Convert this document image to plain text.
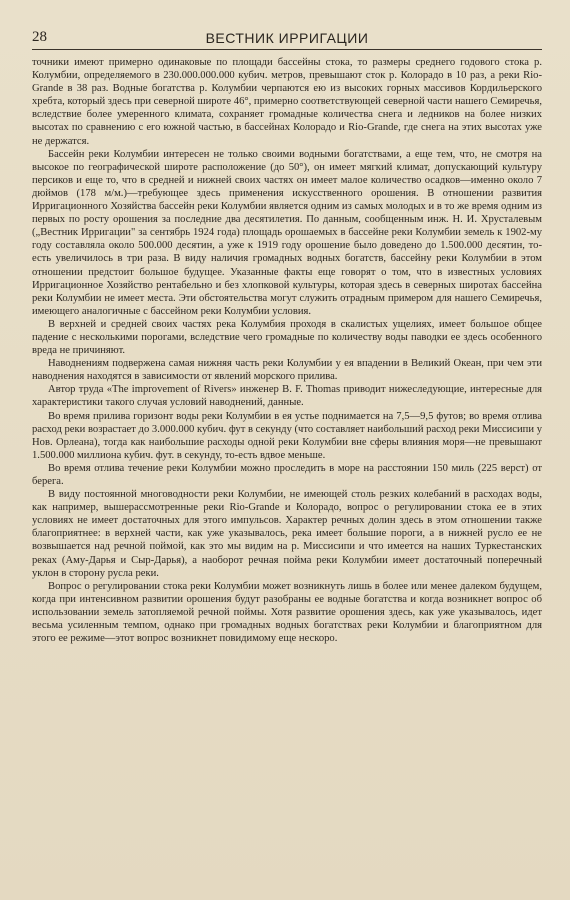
28	ВЕСТНИК ИРРИГАЦИИ

точники имеют примерно одинаковые по площади бассейны стока, то размеры среднего годового стока р. Колумбии, определяемого в 230.000.000.000 кубич. метров, превышают сток р. Колорадо в 10 раз, а реки Rio-Grande в 38 раз. Водные богатства р. Колумбии черпаются ею из высоких горных массивов Кордильерского хребта, который здесь при северной широте 46°, примерно соответствующей северной части нашего Семиречья, вследствие более умеренного климата, сохраняет громадные количества снега и ледников на более низких высотах по сравнению с его южной частью, в бассейнах Колорадо и Rio-Grande, где снега на этих высотах уже не держатся.

Бассейн реки Колумбии интересен не только своими водными богатствами, а еще тем, что, не смотря на высокое по географической широте расположение (до 50°), он имеет мягкий климат, допускающий культуру персиков и еще то, что в средней и нижней своих частях он имеет малое количество осадков—именно около 7 дюймов (178 м/м.)—требующее здесь применения искусственного орошения. В отношении развития Ирригационного Хозяйства бассейн реки Колумбии является одним из самых молодых и в то же время одним из первых по росту орошения за последние два десятилетия. По данным, сообщенным инж. Н. И. Хрусталевым („Вестник Ирригации" за сентябрь 1924 года) площадь орошаемых в бассейне реки Колумбии земель к 1902-му году составляла около 500.000 десятин, а уже к 1919 году орошение было доведено до 1.500.000 десятин, то-есть увеличилось в три раза. В виду наличия громадных водных богатств, бассейну реки Колумбии в этом отношении предстоит большое будущее. Указанные факты еще говорят о том, что в известных условиях Ирригационное Хозяйство рентабельно и без хлопковой культуры, которая здесь в северных широтах бассейна реки Колумбии не имеет места. Эти обстоятельства могут служить отрадным примером для нашего Семиречья, имеющего аналогичные с бассейном реки Колумбии условия.

В верхней и средней своих частях река Колумбия проходя в скалистых ущелиях, имеет большое общее падение с несколькими порогами, вследствие чего громадные по количеству воды паводки ее здесь особенного вреда не причиняют.

Наводнениям подвержена самая нижняя часть реки Колумбии у ея впадении в Великий Океан, при чем эти наводнения находятся в зависимости от явлений морского прилива.

Автор труда «The improvement of Rivers» инженер В. F. Thomas приводит нижеследующие, интересные для характеристики такого случая условий наводнений, данные.

Во время прилива горизонт воды реки Колумбии в ея устье поднимается на 7,5—9,5 футов; во время отлива расход реки возрастает до 3.000.000 кубич. фут в секунду (что составляет наибольший расход реки Миссисипи у Нов. Орлеана), тогда как наибольшие расходы одной реки Колумбии вне сферы влияния моря—не превышают 1.500.000 миллиона кубич. фут. в секунду, то-есть вдвое меньше.

Во время отлива течение реки Колумбии можно проследить в море на расстоянии 150 миль (225 верст) от берега.

В виду постоянной многоводности реки Колумбии, не имеющей столь резких колебаний в расходах воды, как например, вышерассмотренные реки Rio-Grande и Колорадо, вопрос о регулировании стока ее в этих условиях не имеет достаточных для этого импульсов. Характер речных долин здесь в этом отношении также благоприятнее: в верхней части, как уже указывалось, река имеет большие пороги, а в нижней русло ее не возвышается над речной поймой, как это мы видим на р. Миссисипи и что имеется на наших Туркестанских реках (Аму-Дарья и Сыр-Дарья), а наоборот речная пойма реки Колумбии имеет достаточный поперечный уклон в сторону русла реки.

Вопрос о регулировании стока реки Колумбии может возникнуть лишь в более или менее далеком будущем, когда при интенсивном развитии орошения будут разобраны ее водные богатства и когда возникнет вопрос об использовании земель затопляемой речной поймы. Хотя развитие орошения здесь, как уже указывалось, идет весьма усиленным темпом, однако при громадных водных богатствах реки Колумбии и благоприятном для этого ее режиме—этот вопрос возникнет повидимому еще нескоро.
